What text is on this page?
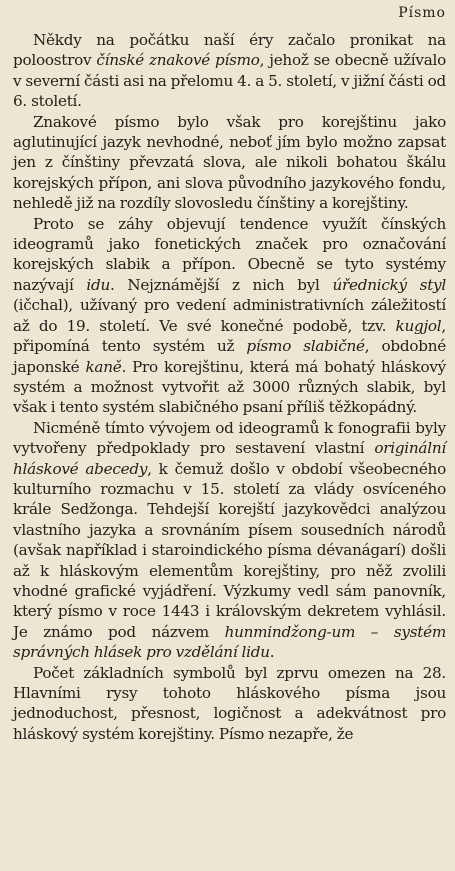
Písmo

Někdy na počátku naší éry začalo pronikat na poloostrov čínské znakové písmo, jehož se obecně užívalo v severní části asi na přelomu 4. a 5. století, v jižní části od 6. století.

Znakové písmo bylo však pro korejštinu jako aglutinující jazyk nevhodné, neboť jím bylo možno zapsat jen z čínštiny převzatá slova, ale nikoli bohatou škálu korejských přípon, ani slova původního jazykového fondu, nehledě již na rozdíly slovosledu čínštiny a korejštiny.

Proto se záhy objevují tendence využít čínských ideogramů jako fonetických značek pro označování korejských slabik a přípon. Obecně se tyto systémy nazývají idu. Nejznámější z nich byl úřednický styl (ičchal), užívaný pro vedení administrativních záležitostí až do 19. století. Ve své konečné podobě, tzv. kugjol, připomíná tento systém už písmo slabičné, obdobné japonské kaně. Pro korejštinu, která má bohatý hláskový systém a možnost vytvořit až 3000 různých slabik, byl však i tento systém slabičného psaní příliš těžkopádný.

Nicméně tímto vývojem od ideogramů k fonografii byly vytvořeny předpoklady pro sestavení vlastní originální hláskové abecedy, k čemuž došlo v období všeobecného kulturního rozmachu v 15. století za vlády osvíceného krále Sedžonga. Tehdejší korejští jazykovědci analýzou vlastního jazyka a srovnáním písem sousedních národů (avšak například i staroindického písma dévanágarí) došli až k hláskovým elementům korejštiny, pro něž zvolili vhodné grafické vyjádření. Výzkumy vedl sám panovník, který písmo v roce 1443 i královským dekretem vyhlásil. Je známo pod názvem hunmindžong-um – systém správných hlásek pro vzdělání lidu.

Počet základních symbolů byl zprvu omezen na 28. Hlavními rysy tohoto hláskového písma jsou jednoduchost, přesnost, logičnost a adekvátnost pro hláskový systém korejštiny. Písmo nezapře, že
